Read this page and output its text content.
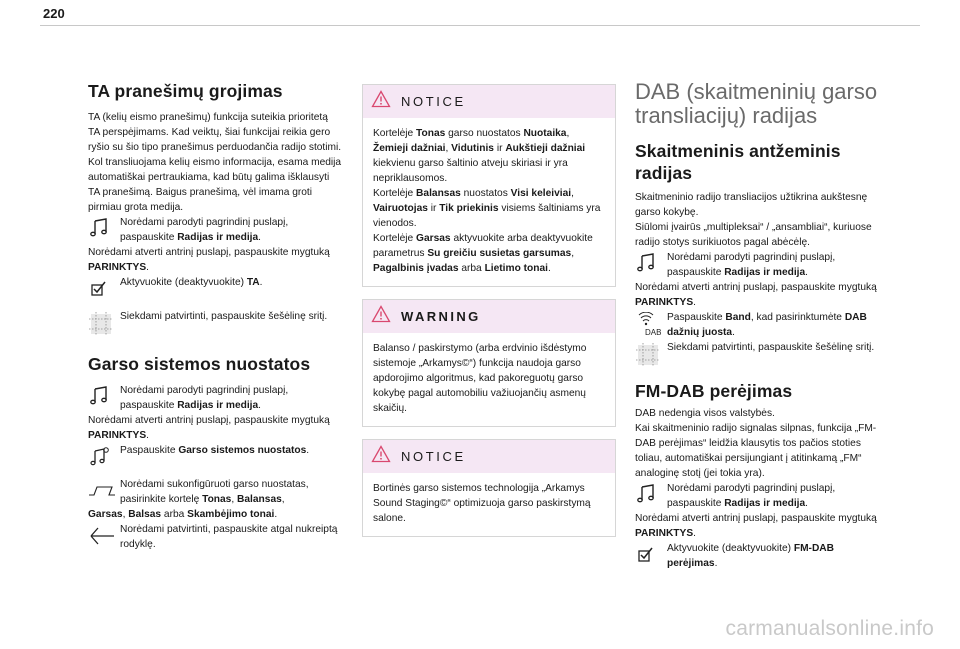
220
TA pranešimų grojimas

TA (kelių eismo pranešimų) funkcija suteikia prioritetą TA perspėjimams. Kad veiktų, šiai funkcijai reikia gero ryšio su šio tipo pranešimus perduodančia radijo stotimi. Kol transliuojama kelių eismo informacija, esama medija automatiškai pertraukiama, kad būtų galima išklausyti TA pranešimą. Baigus pranešimą, vėl imama groti pirmiau grota medija.

Norėdami parodyti pagrindinį puslapį, paspauskite Radijas ir medija.

Norėdami atverti antrinį puslapį, paspauskite mygtuką PARINKTYS.

Aktyvuokite (deaktyvuokite) TA.
Siekdami patvirtinti, paspauskite šešėlinę sritį.
Garso sistemos nuostatos
Norėdami parodyti pagrindinį puslapį, paspauskite Radijas ir medija.

Norėdami atverti antrinį puslapį, paspauskite mygtuką PARINKTYS.

Paspauskite Garso sistemos nuostatos.
Norėdami sukonfigūruoti garso nuostatas, pasirinkite kortelę Tonas, Balansas,

Garsas, Balsas arba Skambėjimo tonai.

Norėdami patvirtinti, paspauskite atgal nukreiptą rodyklę.
NOTICE
Kortelėje Tonas garso nuostatos Nuotaika, Žemieji dažniai, Vidutinis ir Aukštieji dažniai kiekvienu garso šaltinio atveju skiriasi ir yra nepriklausomos.
Kortelėje Balansas nuostatos Visi keleiviai, Vairuotojas ir Tik priekinis visiems šaltiniams yra vienodos.
Kortelėje Garsas aktyvuokite arba deaktyvuokite parametrus Su greičiu susietas garsumas, Pagalbinis įvadas arba Lietimo tonai.
WARNING
Balanso / paskirstymo (arba erdvinio išdėstymo sistemoje „Arkamys©“) funkcija naudoja garso apdorojimo algoritmus, kad pakoreguotų garso kokybę pagal automobiliu važiuojančių asmenų skaičių.
NOTICE
Bortinės garso sistemos technologija „Arkamys Sound Staging©“ optimizuoja garso paskirstymą salone.
DAB (skaitmeninių garso transliacijų) radijas
Skaitmeninis antžeminis radijas

Skaitmeninio radijo transliacijos užtikrina aukštesnę garso kokybę.

Siūlomi įvairūs „multipleksai“ / „ansambliai“, kuriuose radijo stotys surikiuotos pagal abėcėlę.

Norėdami parodyti pagrindinį puslapį, paspauskite Radijas ir medija.

Norėdami atverti antrinį puslapį, paspauskite mygtuką PARINKTYS.

DAB
Paspauskite Band, kad pasirinktumėte DAB dažnių juosta.
Siekdami patvirtinti, paspauskite šešėlinę sritį.
FM-DAB perėjimas

DAB nedengia visos valstybės.

Kai skaitmeninio radijo signalas silpnas, funkcija „FM-DAB perėjimas“ leidžia klausytis tos pačios stoties toliau, automatiškai persijungiant į atitinkamą „FM“ analoginę stotį (jei tokia yra).

Norėdami parodyti pagrindinį puslapį, paspauskite Radijas ir medija.

Norėdami atverti antrinį puslapį, paspauskite mygtuką PARINKTYS.

Aktyvuokite (deaktyvuokite) FM-DAB perėjimas.
carmanualsonline.info
